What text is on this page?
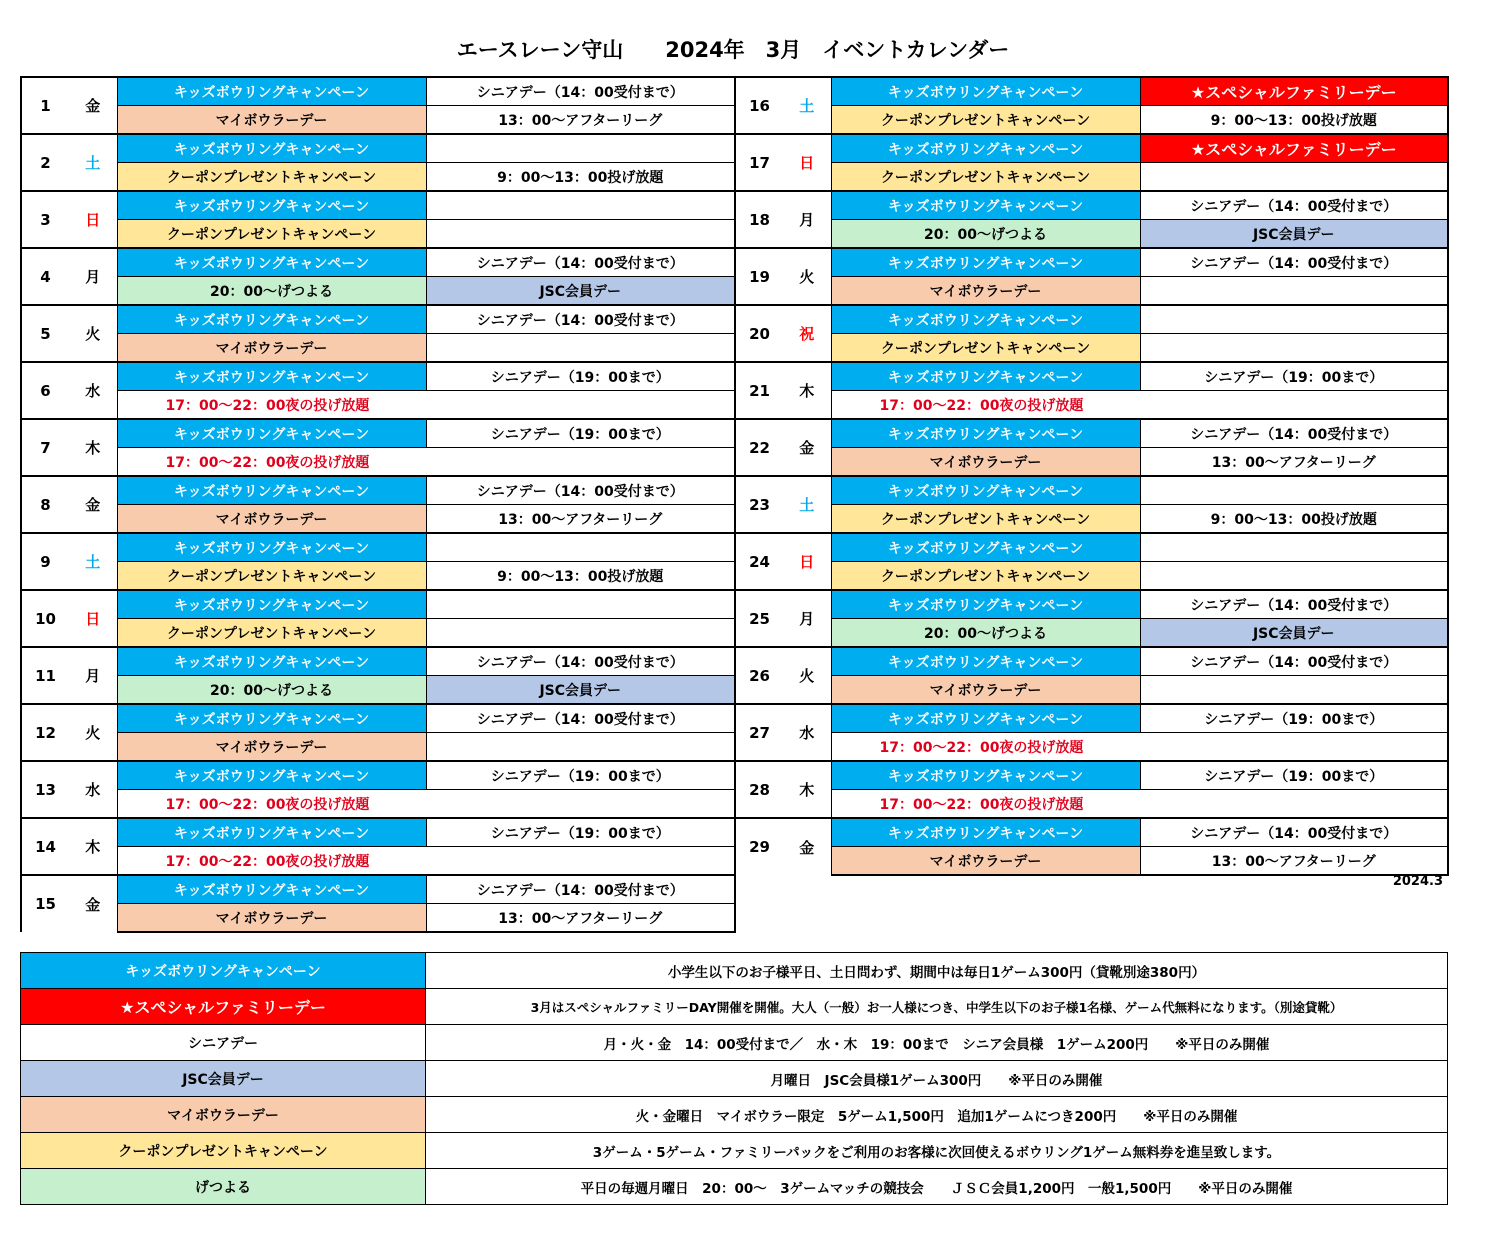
エースレーン守山　　2024年　3月　イベントカレンダー
1	金	キッズボウリングキャンペーン	シニアデー（14：00受付まで）
		マイボウラーデー	13：00～アフターリーグ
2	土	キッズボウリングキャンペーン	
		クーポンプレゼントキャンペーン	9：00～13：00投げ放題
3	日	キッズボウリングキャンペーン	
		クーポンプレゼントキャンペーン	
4	月	キッズボウリングキャンペーン	シニアデー（14：00受付まで）
		20：00～げつよる	JSC会員デー
5	火	キッズボウリングキャンペーン	シニアデー（14：00受付まで）
		マイボウラーデー	
6	水	キッズボウリングキャンペーン	シニアデー（19：00まで）
		17：00～22：00夜の投げ放題	
7	木	キッズボウリングキャンペーン	シニアデー（19：00まで）
		17：00～22：00夜の投げ放題	
8	金	キッズボウリングキャンペーン	シニアデー（14：00受付まで）
		マイボウラーデー	13：00～アフターリーグ
9	土	キッズボウリングキャンペーン	
		クーポンプレゼントキャンペーン	9：00～13：00投げ放題
10	日	キッズボウリングキャンペーン	
		クーポンプレゼントキャンペーン	
11	月	キッズボウリングキャンペーン	シニアデー（14：00受付まで）
		20：00～げつよる	JSC会員デー
12	火	キッズボウリングキャンペーン	シニアデー（14：00受付まで）
		マイボウラーデー	
13	水	キッズボウリングキャンペーン	シニアデー（19：00まで）
		17：00～22：00夜の投げ放題	
14	木	キッズボウリングキャンペーン	シニアデー（19：00まで）
		17：00～22：00夜の投げ放題	
15	金	キッズボウリングキャンペーン	シニアデー（14：00受付まで）
		マイボウラーデー	13：00～アフターリーグ
16	土	キッズボウリングキャンペーン	★スペシャルファミリーデー
		クーポンプレゼントキャンペーン	9：00～13：00投げ放題
17	日	キッズボウリングキャンペーン	★スペシャルファミリーデー
		クーポンプレゼントキャンペーン	
18	月	キッズボウリングキャンペーン	シニアデー（14：00受付まで）
		20：00～げつよる	JSC会員デー
19	火	キッズボウリングキャンペーン	シニアデー（14：00受付まで）
		マイボウラーデー	
20	祝	キッズボウリングキャンペーン	
		クーポンプレゼントキャンペーン	
21	木	キッズボウリングキャンペーン	シニアデー（19：00まで）
		17：00～22：00夜の投げ放題	
22	金	キッズボウリングキャンペーン	シニアデー（14：00受付まで）
		マイボウラーデー	13：00～アフターリーグ
23	土	キッズボウリングキャンペーン	
		クーポンプレゼントキャンペーン	9：00～13：00投げ放題
24	日	キッズボウリングキャンペーン	
		クーポンプレゼントキャンペーン	
25	月	キッズボウリングキャンペーン	シニアデー（14：00受付まで）
		20：00～げつよる	JSC会員デー
26	火	キッズボウリングキャンペーン	シニアデー（14：00受付まで）
		マイボウラーデー	
27	水	キッズボウリングキャンペーン	シニアデー（19：00まで）
		17：00～22：00夜の投げ放題	
28	木	キッズボウリングキャンペーン	シニアデー（19：00まで）
		17：00～22：00夜の投げ放題	
29	金	キッズボウリングキャンペーン	シニアデー（14：00受付まで）
		マイボウラーデー	13：00～アフターリーグ
2024.3
キッズボウリングキャンペーン	小学生以下のお子様平日、土日問わず、期間中は毎日1ゲーム300円（貸靴別途380円）
★スペシャルファミリーデー	3月はスペシャルファミリーDAY開催を開催。大人（一般）お一人様につき、中学生以下のお子様1名様、ゲーム代無料になります。（別途貸靴）
シニアデー	月・火・金　14：00受付まで／　水・木　19：00まで　シニア会員様　1ゲーム200円　　※平日のみ開催
JSC会員デー	月曜日　JSC会員様1ゲーム300円　　※平日のみ開催
マイボウラーデー	火・金曜日　マイボウラー限定　5ゲーム1,500円　追加1ゲームにつき200円　　※平日のみ開催
クーポンプレゼントキャンペーン	3ゲーム・5ゲーム・ファミリーパックをご利用のお客様に次回使えるボウリング1ゲーム無料券を進呈致します。
げつよる	平日の毎週月曜日　20：00～　3ゲームマッチの競技会　　ＪＳＣ会員1,200円　一般1,500円　　※平日のみ開催
